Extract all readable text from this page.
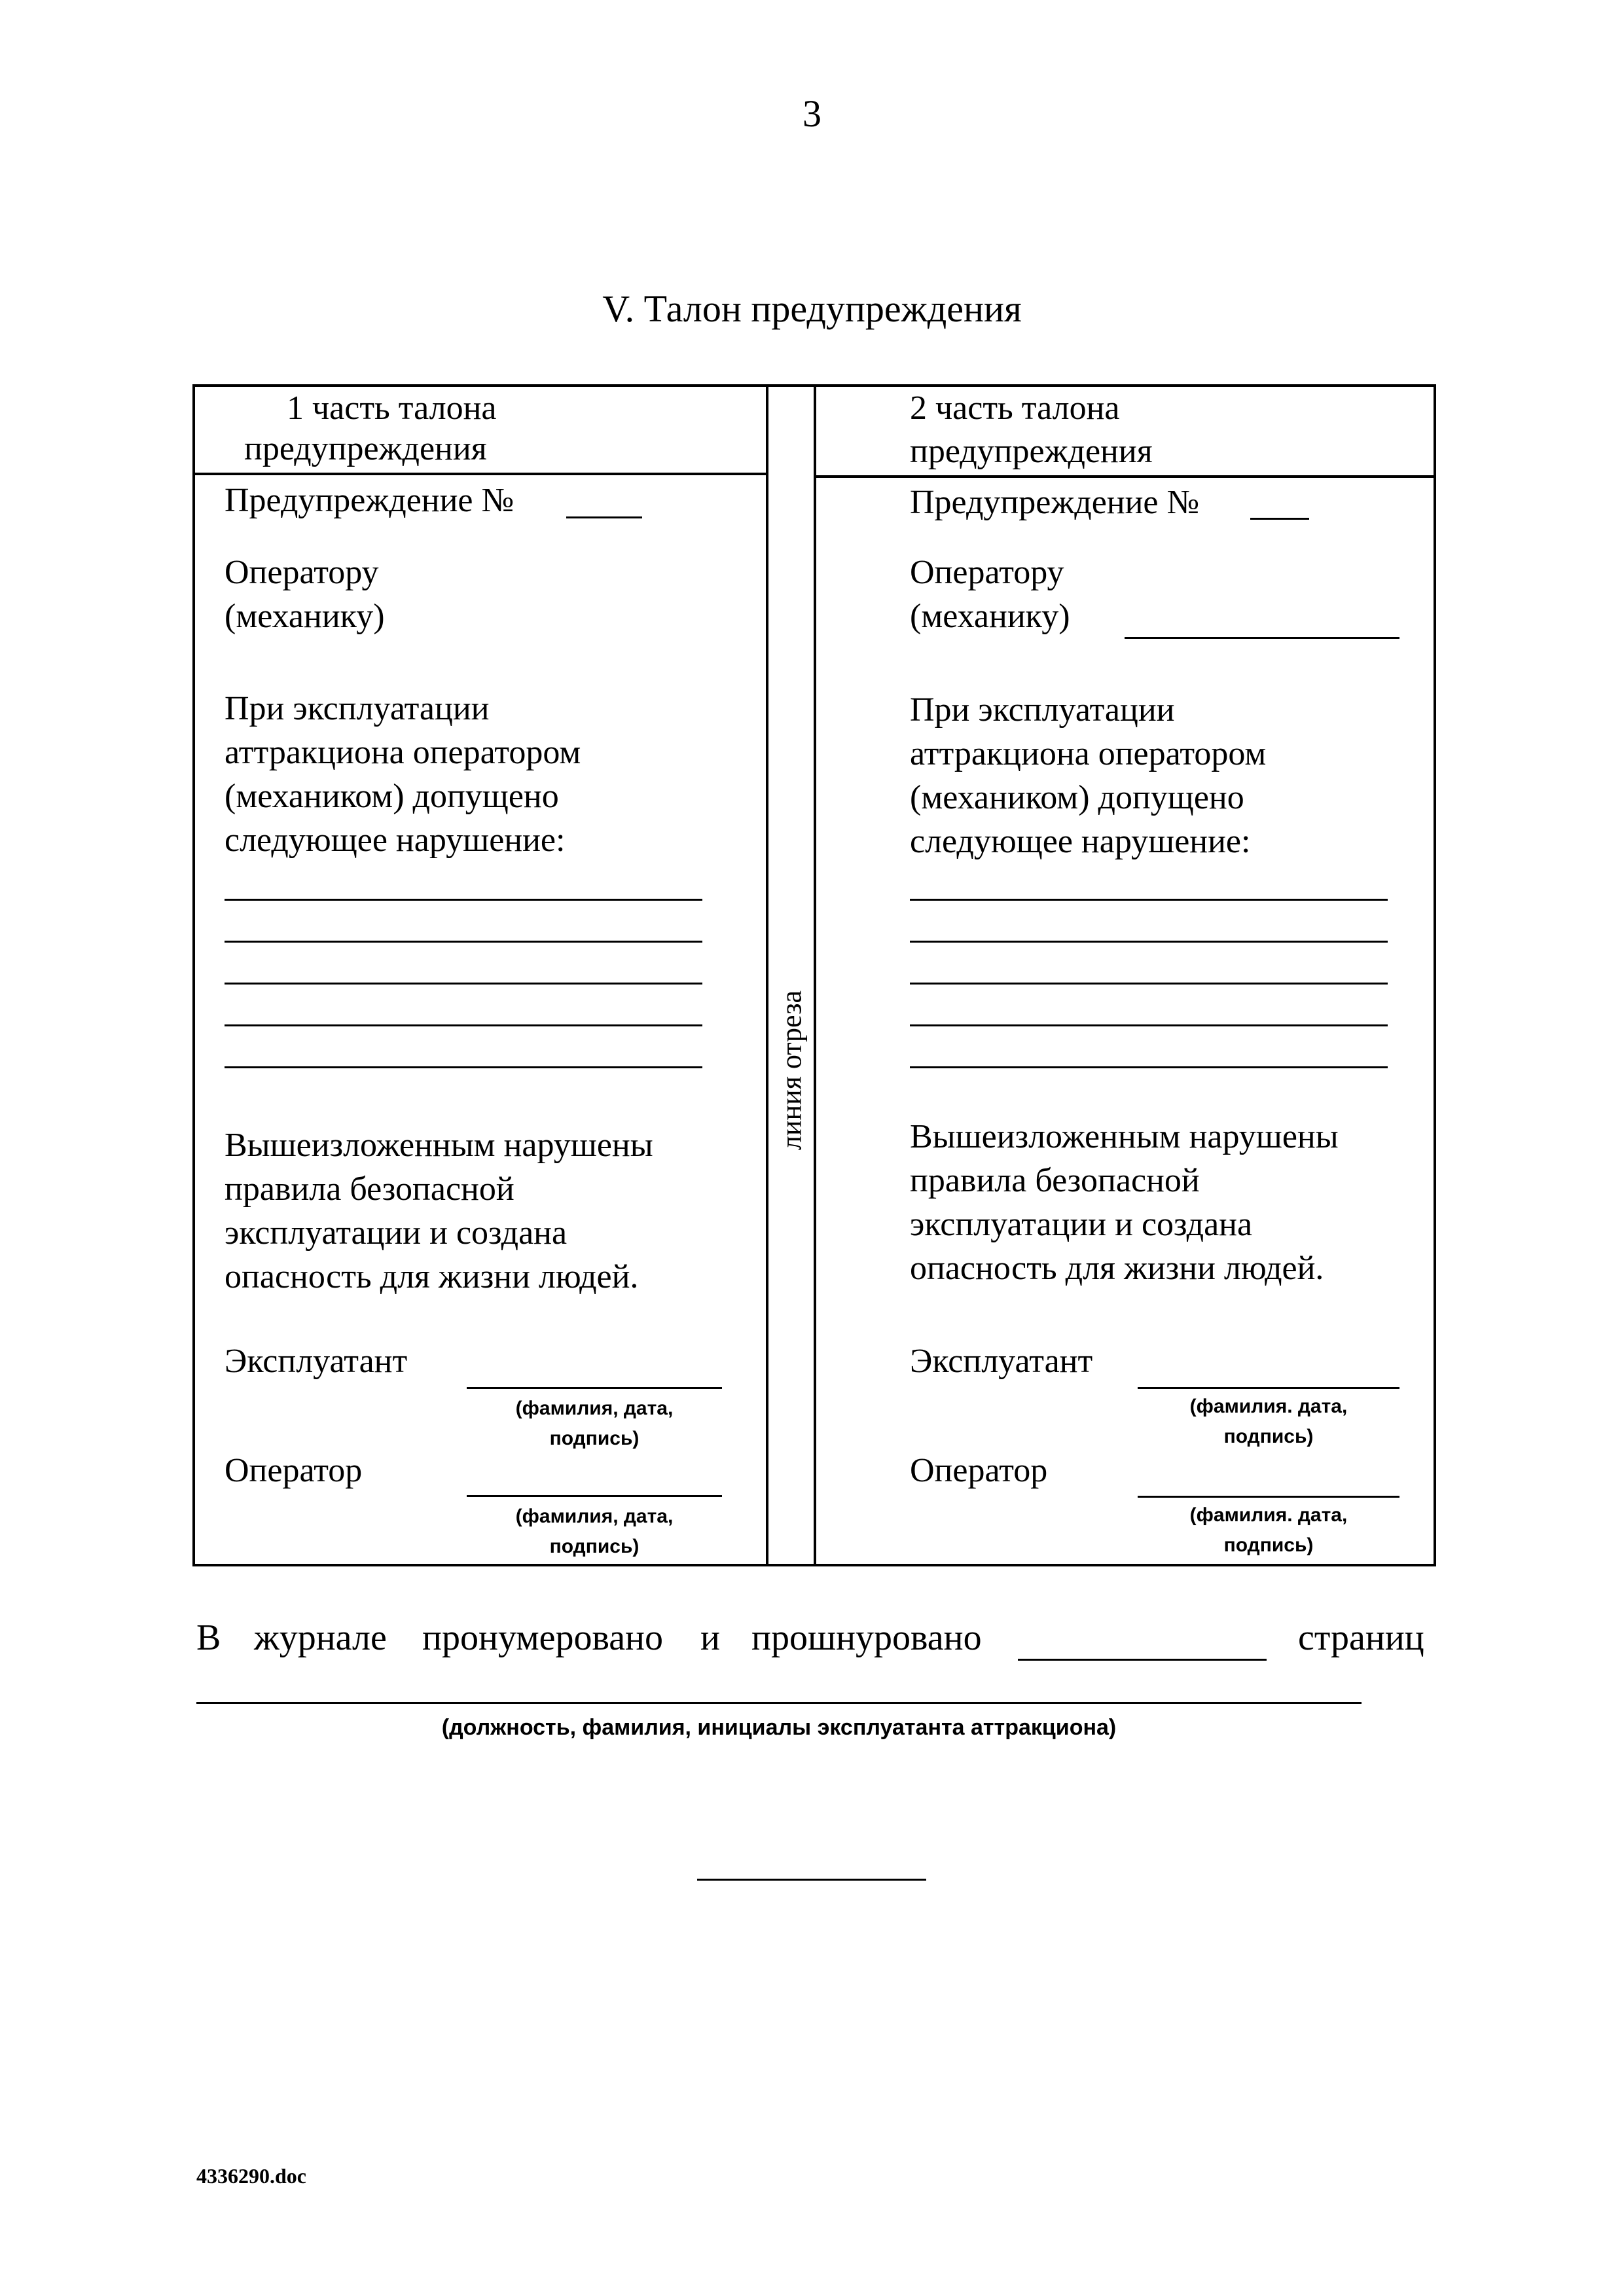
3
V. Талон предупреждения
1 часть талона
предупреждения
Предупреждение №
Оператору
(механику)
При эксплуатации
аттракциона оператором
(механиком) допущено
следующее нарушение:
Вышеизложенным нарушены
правила безопасной
эксплуатации и создана
опасность для жизни людей.
Эксплуатант
(фамилия, дата,
подпись)
Оператор
(фамилия, дата,
подпись)
2 часть талона
предупреждения
Предупреждение №
Оператору
(механику)
При эксплуатации
аттракциона оператором
(механиком) допущено
следующее нарушение:
Вышеизложенным нарушены
правила безопасной
эксплуатации и создана
опасность для жизни людей.
Эксплуатант
(фамилия. дата,
подпись)
Оператор
(фамилия. дата,
подпись)
линия отреза
В журнале пронумеровано и прошнуровано	страниц
(должность, фамилия, инициалы эксплуатанта аттракциона)
4336290.doc
